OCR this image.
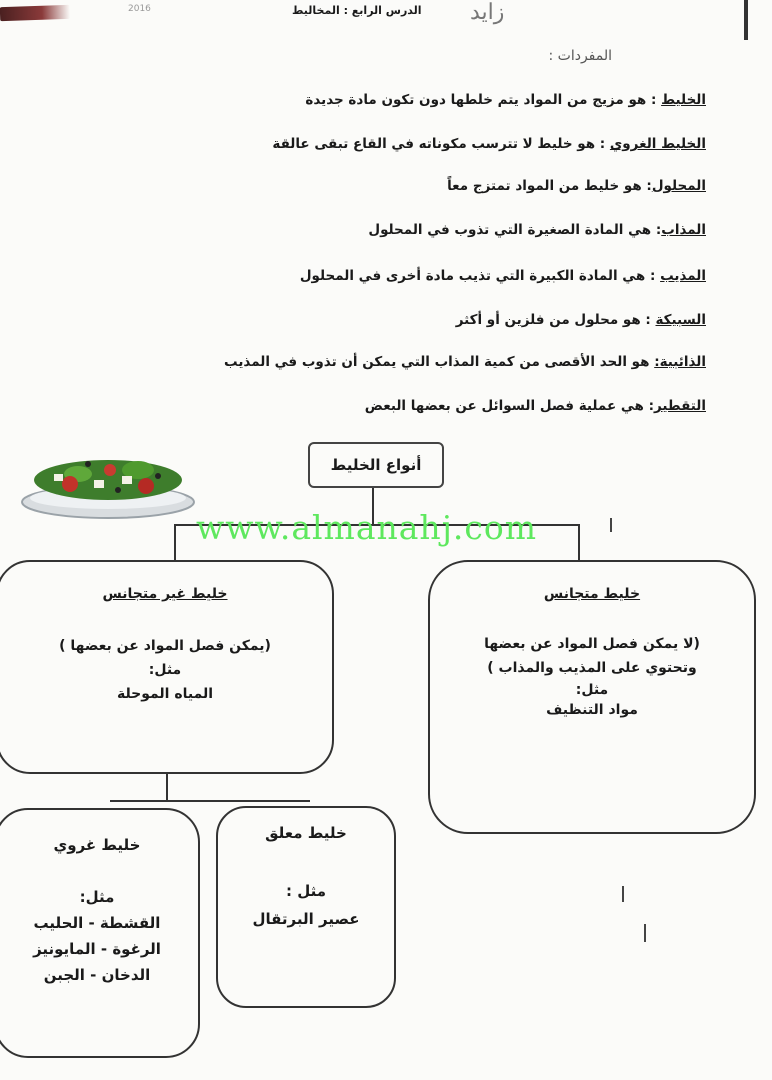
2016	الدرس الرابع : المخاليط زايد
المفردات :
الخليط : هو مزيج من المواد يتم خلطها دون تكون مادة جديدة
الخليط الغروي : هو خليط لا تترسب مكوناته في القاع تبقى عالقة
المحلول: هو خليط من المواد تمتزج معاً
المذاب: هي المادة الصغيرة التي تذوب في المحلول
المذيب : هي المادة الكبيرة التي تذيب مادة أخرى في المحلول
السبيكة : هو محلول من فلزين أو أكثر
الذائبية: هو الحد الأقصى من كمية المذاب التي يمكن أن تذوب في المذيب
التقطير: هي عملية فصل السوائل عن بعضها البعض
أنواع الخليط
www.almanahj.com
خليط متجانس
(لا يمكن فصل المواد عن بعضها
وتحتوي على المذيب والمذاب )
مثل:
مواد التنظيف
خليط غير متجانس
(يمكن فصل المواد عن بعضها )
مثل:
المياه الموحلة
خليط معلق
مثل :
عصير البرتقال
خليط غروي
مثل:
القشطة - الحليب
الرغوة - المايونيز
الدخان - الجبن
